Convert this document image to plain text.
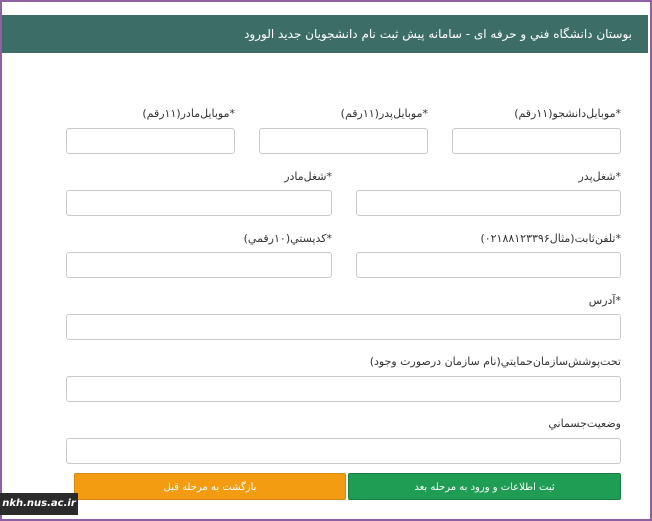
بوستان دانشگاه فني و حرفه ای - سامانه پيش ثبت نام دانشجويان جديد الورود
*موبایل‌دانشجو(۱۱رقم)
*موبایل‌پدر(۱۱رقم)
*موبایل‌مادر(۱۱رقم)
*شغل‌پدر
*شغل‌مادر
*تلفن‌ثابت(مثال۰۲۱۸۸۱۲۳۳۹۶)
*کدپستي(۱۰رقمي)
*آدرس
تحت‌پوشش‌سازمان‌حمايتي(نام سازمان درصورت وجود)
وضعيت‌جسماني
ثبت اطلاعات و ورود به مرحله بعد
بازگشت به مرحله قبل
nkh.nus.ac.ir
